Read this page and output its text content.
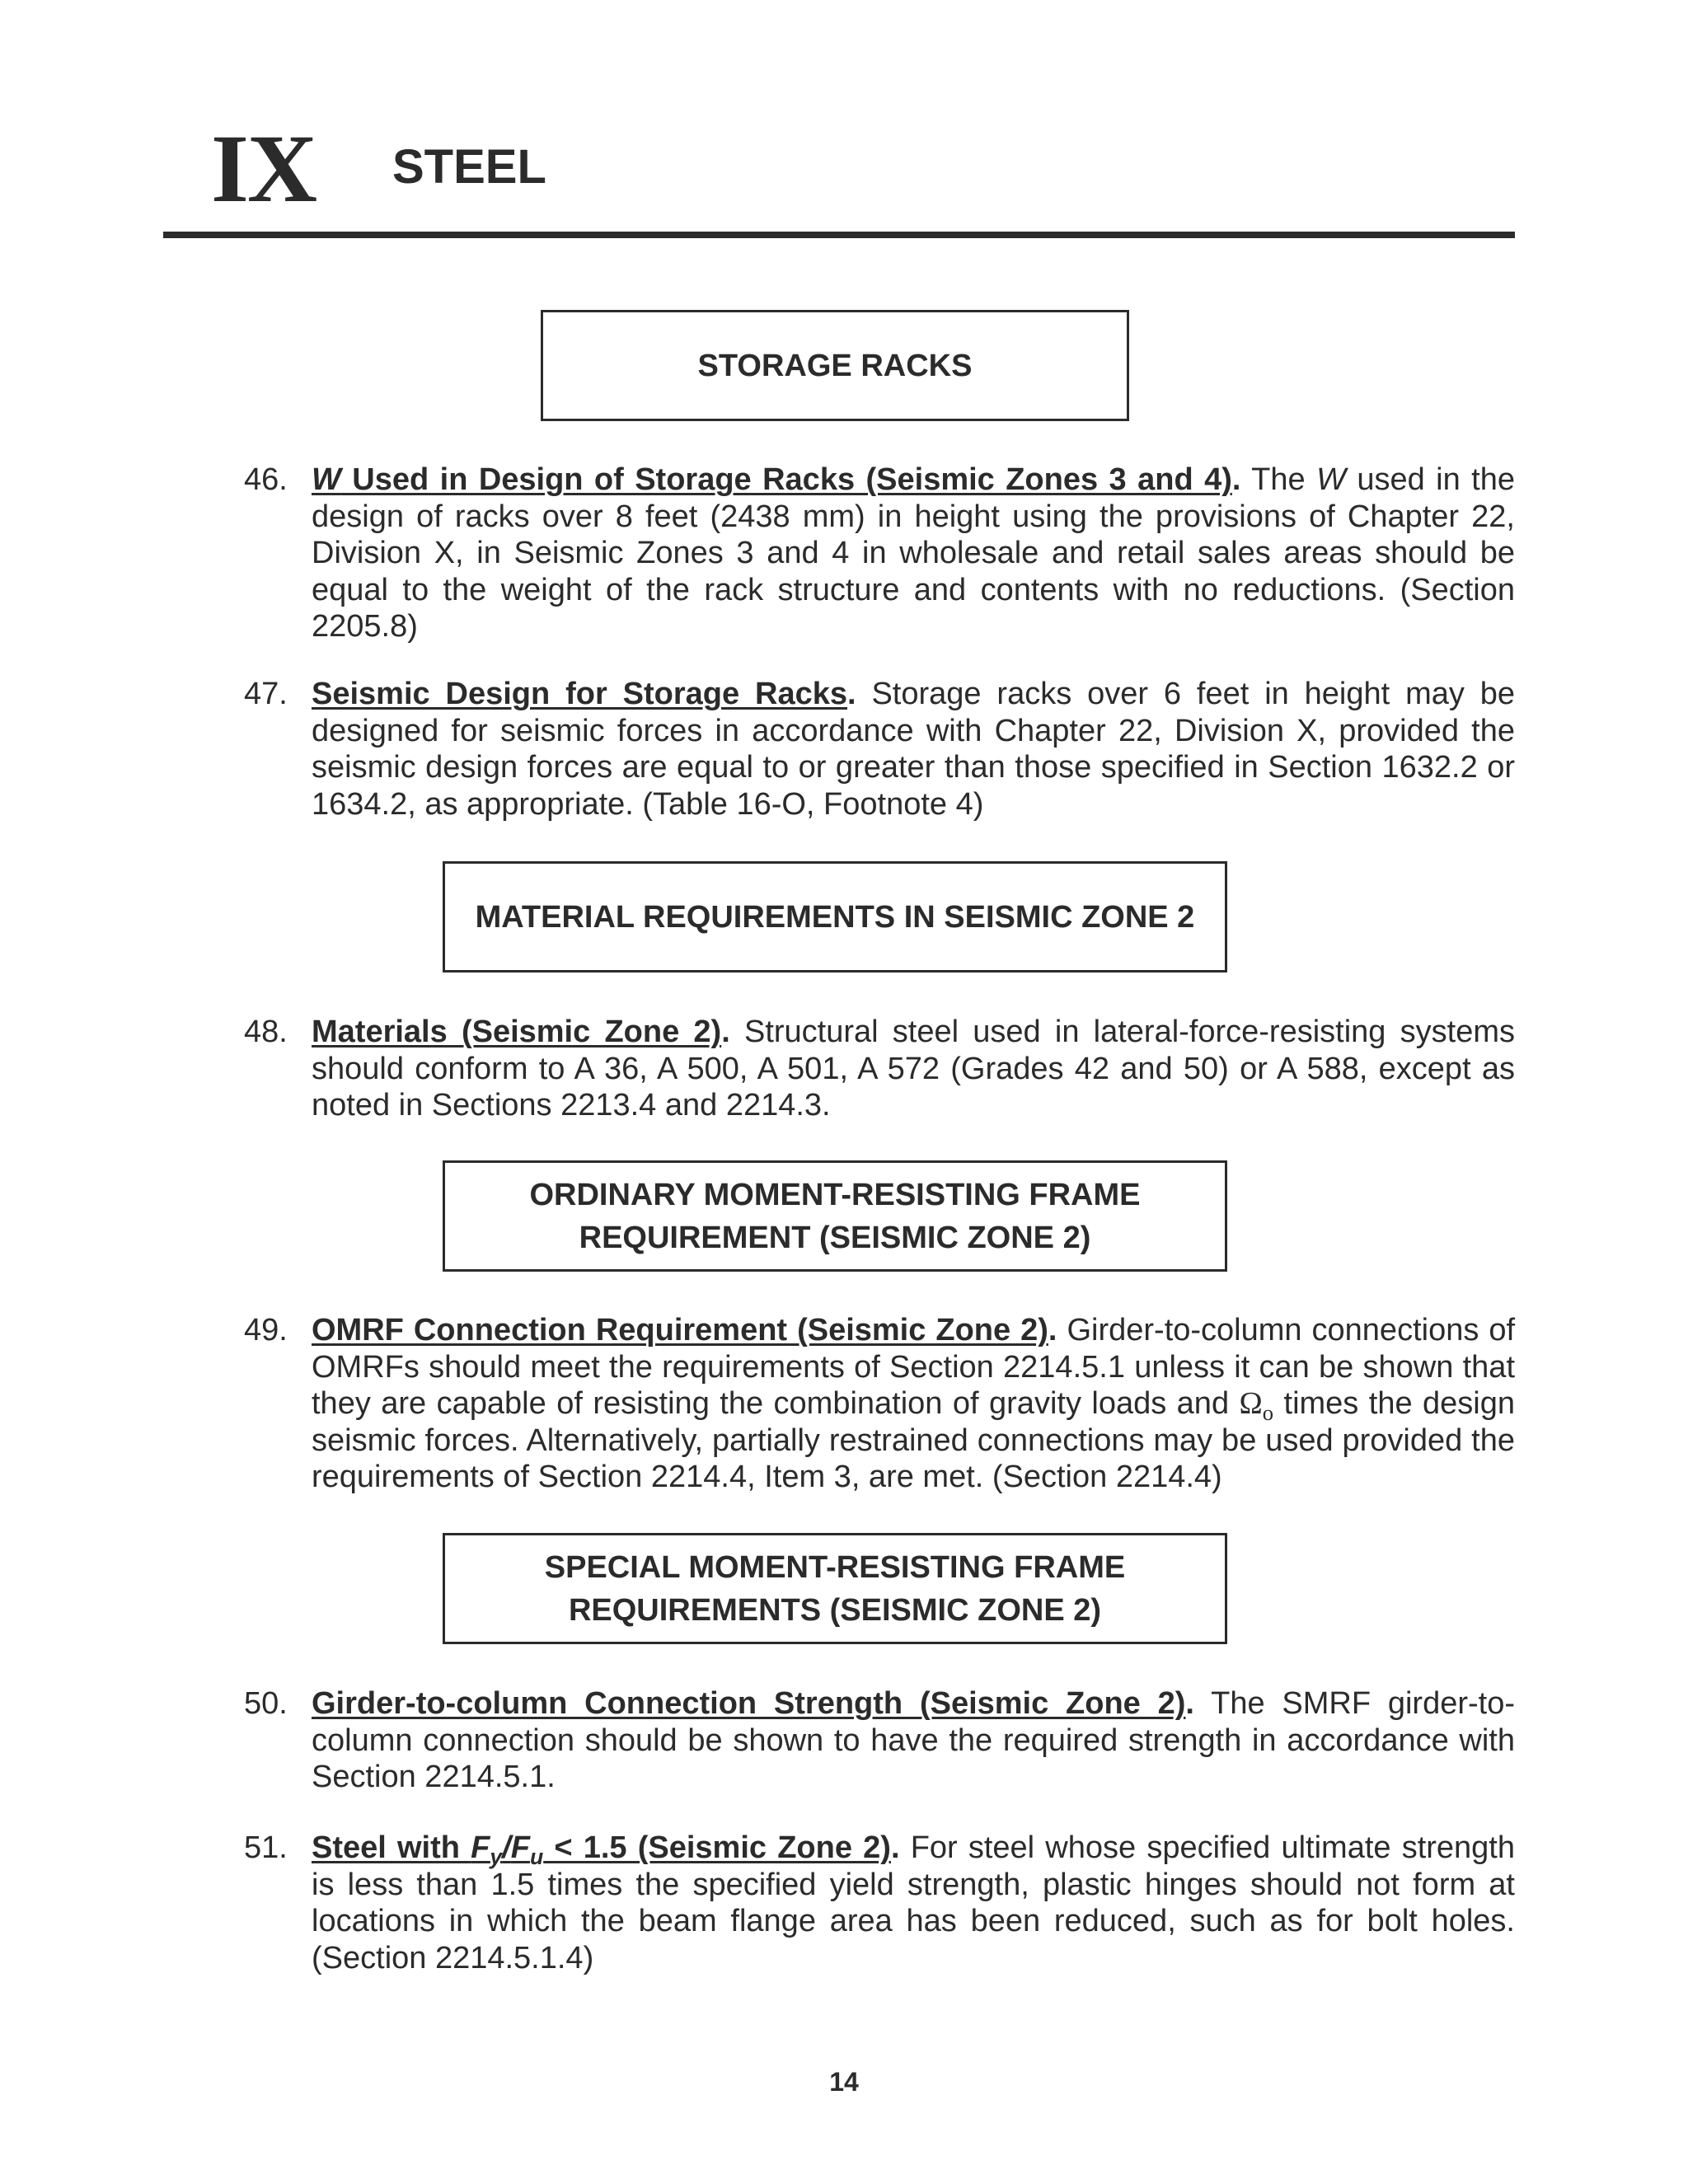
IX STEEL
STORAGE RACKS
46. W Used in Design of Storage Racks (Seismic Zones 3 and 4). The W used in the design of racks over 8 feet (2438 mm) in height using the provisions of Chapter 22, Division X, in Seismic Zones 3 and 4 in wholesale and retail sales areas should be equal to the weight of the rack structure and contents with no reductions. (Section 2205.8)
47. Seismic Design for Storage Racks. Storage racks over 6 feet in height may be designed for seismic forces in accordance with Chapter 22, Division X, provided the seismic design forces are equal to or greater than those specified in Section 1632.2 or 1634.2, as appropriate. (Table 16-O, Footnote 4)
MATERIAL REQUIREMENTS IN SEISMIC ZONE 2
48. Materials (Seismic Zone 2). Structural steel used in lateral-force-resisting systems should conform to A 36, A 500, A 501, A 572 (Grades 42 and 50) or A 588, except as noted in Sections 2213.4 and 2214.3.
ORDINARY MOMENT-RESISTING FRAME
REQUIREMENT (SEISMIC ZONE 2)
49. OMRF Connection Requirement (Seismic Zone 2). Girder-to-column connections of OMRFs should meet the requirements of Section 2214.5.1 unless it can be shown that they are capable of resisting the combination of gravity loads and $\Omega_o$ times the design seismic forces. Alternatively, partially restrained connections may be used provided the requirements of Section 2214.4, Item 3, are met. (Section 2214.4)
SPECIAL MOMENT-RESISTING FRAME
REQUIREMENTS (SEISMIC ZONE 2)
50. Girder-to-column Connection Strength (Seismic Zone 2). The SMRF girder-to-column connection should be shown to have the required strength in accordance with Section 2214.5.1.
51. Steel with $F_y/F_u < 1.5$ (Seismic Zone 2). For steel whose specified ultimate strength is less than 1.5 times the specified yield strength, plastic hinges should not form at locations in which the beam flange area has been reduced, such as for bolt holes. (Section 2214.5.1.4)
14
